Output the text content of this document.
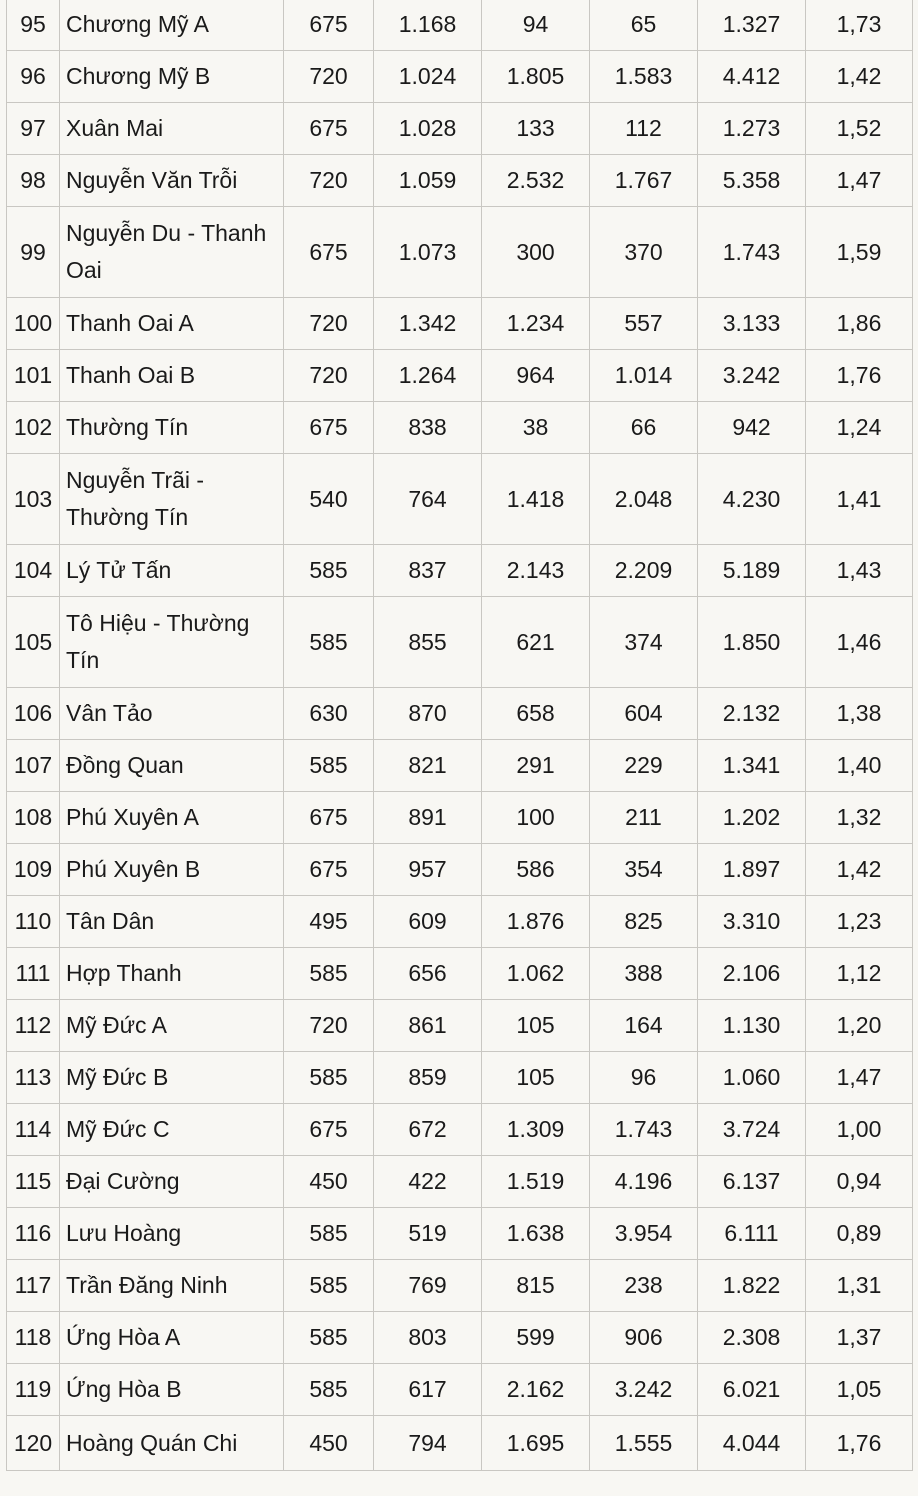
95	Chương Mỹ A	675	1.168	94	65	1.327	1,73
96	Chương Mỹ B	720	1.024	1.805	1.583	4.412	1,42
97	Xuân Mai	675	1.028	133	112	1.273	1,52
98	Nguyễn Văn Trỗi	720	1.059	2.532	1.767	5.358	1,47
99	Nguyễn Du - Thanh Oai	675	1.073	300	370	1.743	1,59
100	Thanh Oai A	720	1.342	1.234	557	3.133	1,86
101	Thanh Oai B	720	1.264	964	1.014	3.242	1,76
102	Thường Tín	675	838	38	66	942	1,24
103	Nguyễn Trãi - Thường Tín	540	764	1.418	2.048	4.230	1,41
104	Lý Tử Tấn	585	837	2.143	2.209	5.189	1,43
105	Tô Hiệu - Thường Tín	585	855	621	374	1.850	1,46
106	Vân Tảo	630	870	658	604	2.132	1,38
107	Đồng Quan	585	821	291	229	1.341	1,40
108	Phú Xuyên A	675	891	100	211	1.202	1,32
109	Phú Xuyên B	675	957	586	354	1.897	1,42
110	Tân Dân	495	609	1.876	825	3.310	1,23
111	Hợp Thanh	585	656	1.062	388	2.106	1,12
112	Mỹ Đức A	720	861	105	164	1.130	1,20
113	Mỹ Đức B	585	859	105	96	1.060	1,47
114	Mỹ Đức C	675	672	1.309	1.743	3.724	1,00
115	Đại Cường	450	422	1.519	4.196	6.137	0,94
116	Lưu Hoàng	585	519	1.638	3.954	6.111	0,89
117	Trần Đăng Ninh	585	769	815	238	1.822	1,31
118	Ứng Hòa A	585	803	599	906	2.308	1,37
119	Ứng Hòa B	585	617	2.162	3.242	6.021	1,05
120	Hoàng Quán Chi	450	794	1.695	1.555	4.044	1,76
